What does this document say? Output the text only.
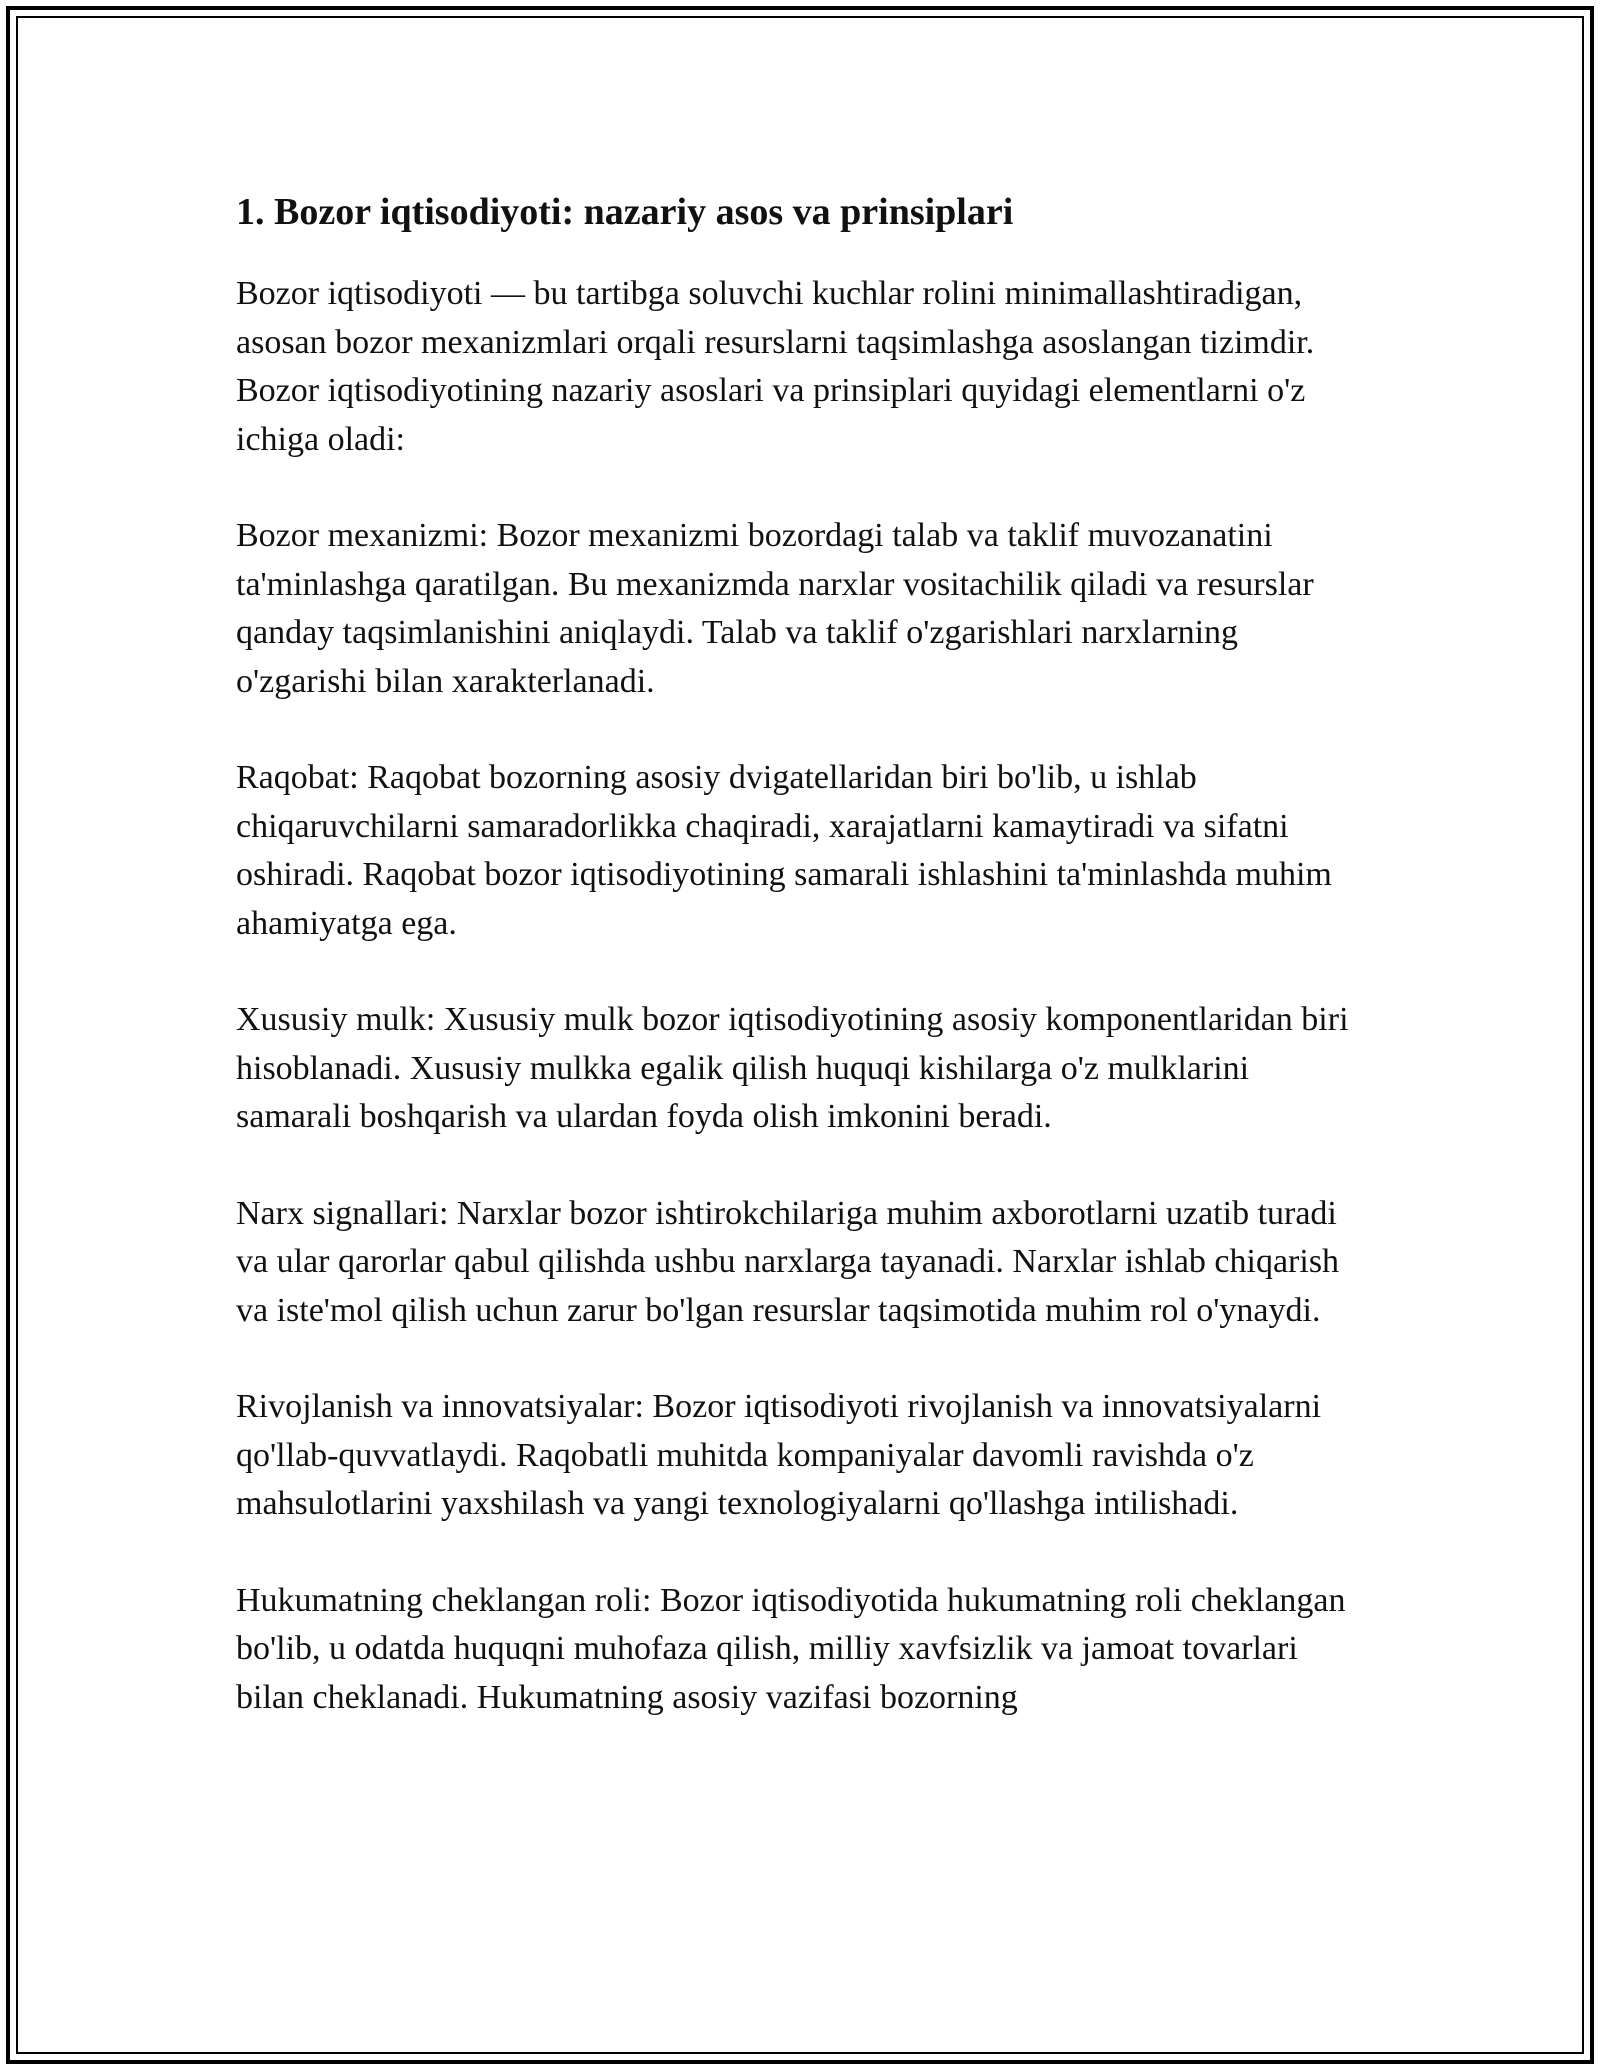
1. Bozor iqtisodiyoti: nazariy asos va prinsiplari

Bozor iqtisodiyoti — bu tartibga soluvchi kuchlar rolini minimallashtiradigan, asosan bozor mexanizmlari orqali resurslarni taqsimlashga asoslangan tizimdir. Bozor iqtisodiyotining nazariy asoslari va prinsiplari quyidagi elementlarni o'z ichiga oladi:

Bozor mexanizmi: Bozor mexanizmi bozordagi talab va taklif muvozanatini ta'minlashga qaratilgan. Bu mexanizmda narxlar vositachilik qiladi va resurslar qanday taqsimlanishini aniqlaydi. Talab va taklif o'zgarishlari narxlarning o'zgarishi bilan xarakterlanadi.

Raqobat: Raqobat bozorning asosiy dvigatellaridan biri bo'lib, u ishlab chiqaruvchilarni samaradorlikka chaqiradi, xarajatlarni kamaytiradi va sifatni oshiradi. Raqobat bozor iqtisodiyotining samarali ishlashini ta'minlashda muhim ahamiyatga ega.

Xususiy mulk: Xususiy mulk bozor iqtisodiyotining asosiy komponentlaridan biri hisoblanadi. Xususiy mulkka egalik qilish huquqi kishilarga o'z mulklarini samarali boshqarish va ulardan foyda olish imkonini beradi.

Narx signallari: Narxlar bozor ishtirokchilariga muhim axborotlarni uzatib turadi va ular qarorlar qabul qilishda ushbu narxlarga tayanadi. Narxlar ishlab chiqarish va iste'mol qilish uchun zarur bo'lgan resurslar taqsimotida muhim rol o'ynaydi.

Rivojlanish va innovatsiyalar: Bozor iqtisodiyoti rivojlanish va innovatsiyalarni qo'llab-quvvatlaydi. Raqobatli muhitda kompaniyalar davomli ravishda o'z mahsulotlarini yaxshilash va yangi texnologiyalarni qo'llashga intilishadi.

Hukumatning cheklangan roli: Bozor iqtisodiyotida hukumatning roli cheklangan bo'lib, u odatda huquqni muhofaza qilish, milliy xavfsizlik va jamoat tovarlari bilan cheklanadi. Hukumatning asosiy vazifasi bozorning
